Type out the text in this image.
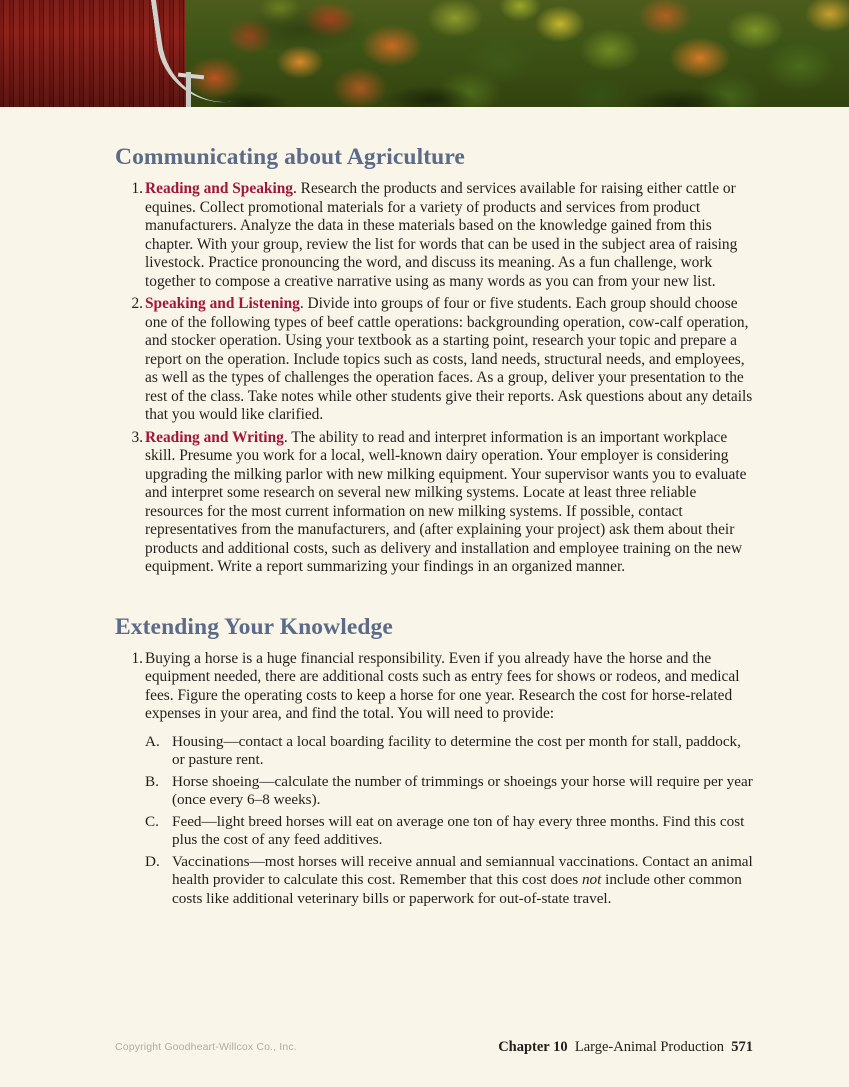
Communicating about Agriculture
1. Reading and Speaking. Research the products and services available for raising either cattle or equines. Collect promotional materials for a variety of products and services from product manufacturers. Analyze the data in these materials based on the knowledge gained from this chapter. With your group, review the list for words that can be used in the subject area of raising livestock. Practice pronouncing the word, and discuss its meaning. As a fun challenge, work together to compose a creative narrative using as many words as you can from your new list.
2. Speaking and Listening. Divide into groups of four or five students. Each group should choose one of the following types of beef cattle operations: backgrounding operation, cow-calf operation, and stocker operation. Using your textbook as a starting point, research your topic and prepare a report on the operation. Include topics such as costs, land needs, structural needs, and employees, as well as the types of challenges the operation faces. As a group, deliver your presentation to the rest of the class. Take notes while other students give their reports. Ask questions about any details that you would like clarified.
3. Reading and Writing. The ability to read and interpret information is an important workplace skill. Presume you work for a local, well-known dairy operation. Your employer is considering upgrading the milking parlor with new milking equipment. Your supervisor wants you to evaluate and interpret some research on several new milking systems. Locate at least three reliable resources for the most current information on new milking systems. If possible, contact representatives from the manufacturers, and (after explaining your project) ask them about their products and additional costs, such as delivery and installation and employee training on the new equipment. Write a report summarizing your findings in an organized manner.
Extending Your Knowledge
1. Buying a horse is a huge financial responsibility. Even if you already have the horse and the equipment needed, there are additional costs such as entry fees for shows or rodeos, and medical fees. Figure the operating costs to keep a horse for one year. Research the cost for horse-related expenses in your area, and find the total. You will need to provide:
A. Housing—contact a local boarding facility to determine the cost per month for stall, paddock, or pasture rent.
B. Horse shoeing—calculate the number of trimmings or shoeings your horse will require per year (once every 6–8 weeks).
C. Feed—light breed horses will eat on average one ton of hay every three months. Find this cost plus the cost of any feed additives.
D. Vaccinations—most horses will receive annual and semiannual vaccinations. Contact an animal health provider to calculate this cost. Remember that this cost does not include other common costs like additional veterinary bills or paperwork for out-of-state travel.
Copyright Goodheart-Willcox Co., Inc.	Chapter 10 Large-Animal Production 571
